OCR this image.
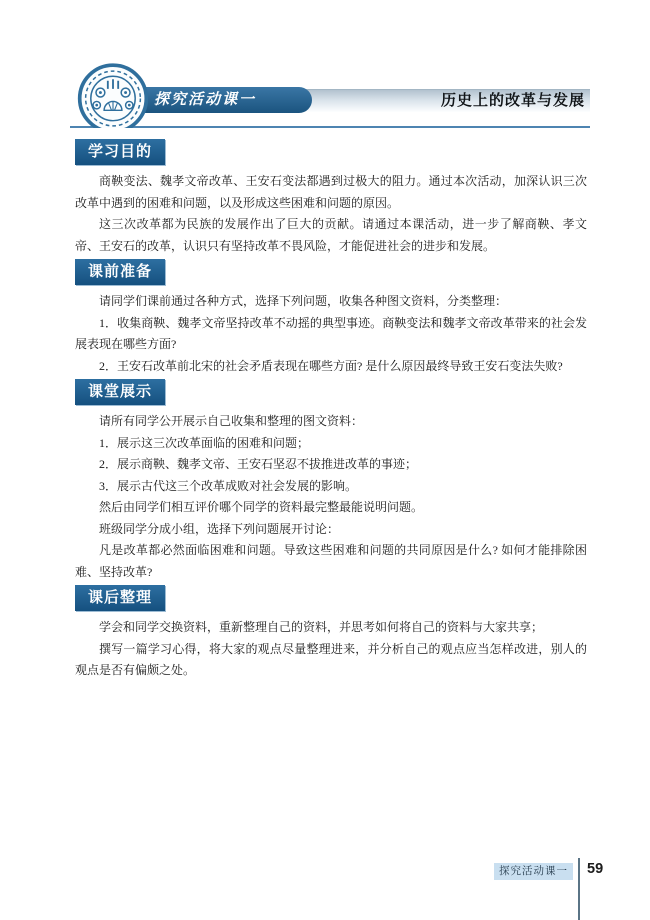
历史上的改革与发展
探究活动课一
学习目的

商鞅变法、魏孝文帝改革、王安石变法都遇到过极大的阻力。通过本次活动，加深认识三次改革中遇到的困难和问题，以及形成这些困难和问题的原因。

这三次改革都为民族的发展作出了巨大的贡献。请通过本课活动，进一步了解商鞅、孝文帝、王安石的改革，认识只有坚持改革不畏风险，才能促进社会的进步和发展。

课前准备

请同学们课前通过各种方式，选择下列问题，收集各种图文资料，分类整理：

1．收集商鞅、魏孝文帝坚持改革不动摇的典型事迹。商鞅变法和魏孝文帝改革带来的社会发展表现在哪些方面?

2．王安石改革前北宋的社会矛盾表现在哪些方面? 是什么原因最终导致王安石变法失败?

课堂展示

请所有同学公开展示自己收集和整理的图文资料：

1．展示这三次改革面临的困难和问题；

2．展示商鞅、魏孝文帝、王安石坚忍不拔推进改革的事迹；

3．展示古代这三个改革成败对社会发展的影响。

然后由同学们相互评价哪个同学的资料最完整最能说明问题。

班级同学分成小组，选择下列问题展开讨论：

凡是改革都必然面临困难和问题。导致这些困难和问题的共同原因是什么? 如何才能排除困难、坚持改革?

课后整理

学会和同学交换资料，重新整理自己的资料，并思考如何将自己的资料与大家共享；

撰写一篇学习心得，将大家的观点尽量整理进来，并分析自己的观点应当怎样改进，别人的观点是否有偏颇之处。

探究活动课一	59
